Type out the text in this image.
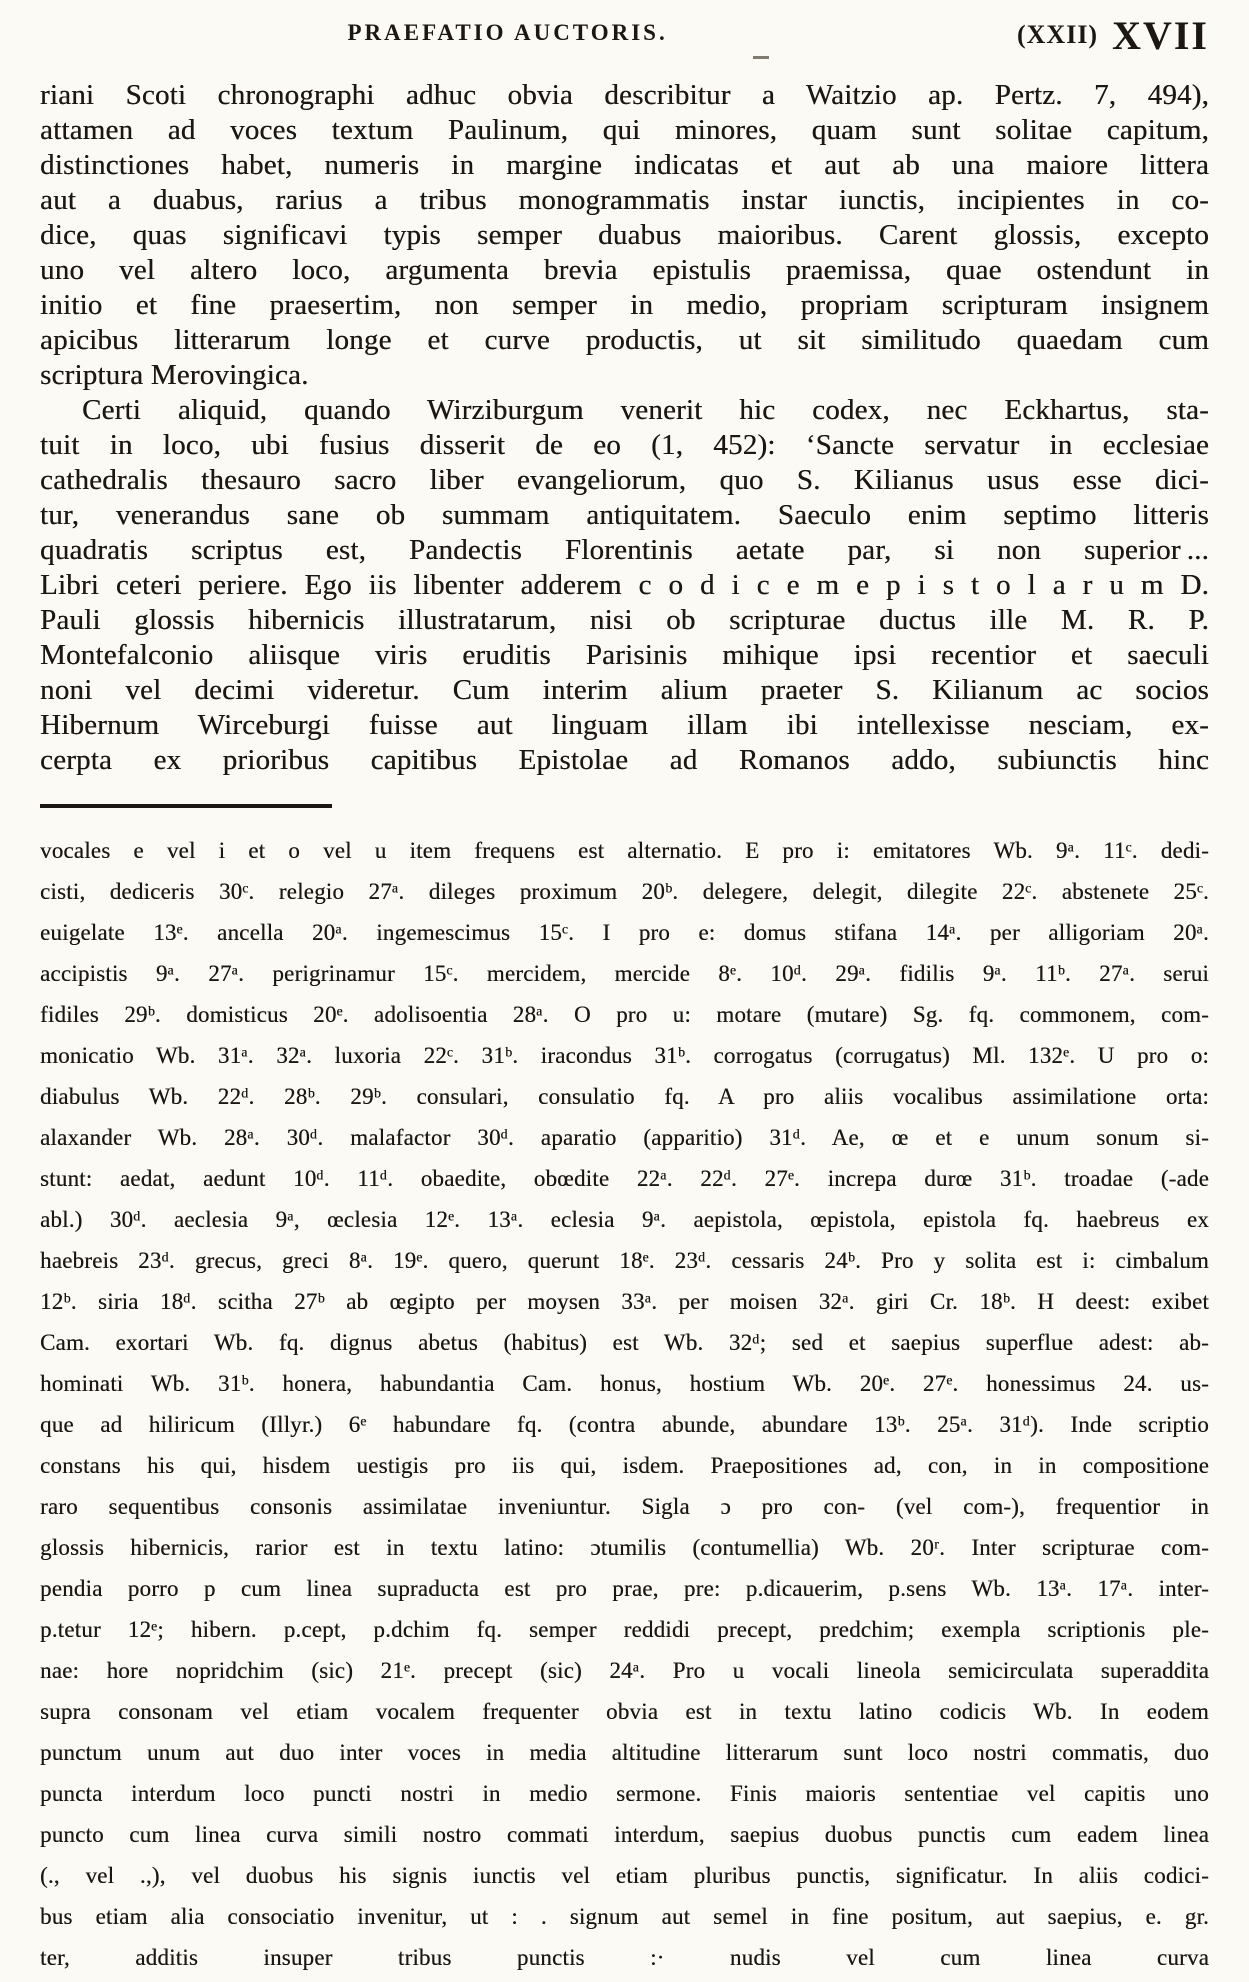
PRAEFATIO AUCTORIS.	(XXII) XVII
riani Scoti chronographi adhuc obvia describitur a Waitzio ap. Pertz. 7, 494),
attamen ad voces textum Paulinum, qui minores, quam sunt solitae capitum,
distinctiones habet, numeris in margine indicatas et aut ab una maiore littera
aut a duabus, rarius a tribus monogrammatis instar iunctis, incipientes in co-
dice, quas significavi typis semper duabus maioribus. Carent glossis, excepto
uno vel altero loco, argumenta brevia epistulis praemissa, quae ostendunt in
initio et fine praesertim, non semper in medio, propriam scripturam insignem
apicibus litterarum longe et curve productis, ut sit similitudo quaedam cum
scriptura Merovingica.
Certi aliquid, quando Wirziburgum venerit hic codex, nec Eckhartus, sta-
tuit in loco, ubi fusius disserit de eo (1, 452): ‘Sancte servatur in ecclesiae
cathedralis thesauro sacro liber evangeliorum, quo S. Kilianus usus esse dici-
tur, venerandus sane ob summam antiquitatem. Saeculo enim septimo litteris
quadratis scriptus est, Pandectis Florentinis aetate par, si non superior ...
Libri ceteri periere. Ego iis libenter adderem c o d i c e m e p i s t o l a r u m D.
Pauli glossis hibernicis illustratarum, nisi ob scripturae ductus ille M. R. P.
Montefalconio aliisque viris eruditis Parisinis mihique ipsi recentior et saeculi
noni vel decimi videretur. Cum interim alium praeter S. Kilianum ac socios
Hibernum Wirceburgi fuisse aut linguam illam ibi intellexisse nesciam, ex-
cerpta ex prioribus capitibus Epistolae ad Romanos addo, subiunctis hinc
vocales e vel i et o vel u item frequens est alternatio. E pro i: emitatores Wb. 9ᵃ. 11ᶜ. dedi-
cisti, dediceris 30ᶜ. relegio 27ᵃ. dileges proximum 20ᵇ. delegere, delegit, dilegite 22ᶜ. abstenete 25ᶜ.
euigelate 13ᵉ. ancella 20ᵃ. ingemescimus 15ᶜ. I pro e: domus stifana 14ᵃ. per alligoriam 20ᵃ.
accipistis 9ᵃ. 27ᵃ. perigrinamur 15ᶜ. mercidem, mercide 8ᵉ. 10ᵈ. 29ᵃ. fidilis 9ᵃ. 11ᵇ. 27ᵃ. serui
fidiles 29ᵇ. domisticus 20ᵉ. adolisoentia 28ᵃ. O pro u: motare (mutare) Sg. fq. commonem, com-
monicatio Wb. 31ᵃ. 32ᵃ. luxoria 22ᶜ. 31ᵇ. iracondus 31ᵇ. corrogatus (corrugatus) Ml. 132ᵉ. U pro o:
diabulus Wb. 22ᵈ. 28ᵇ. 29ᵇ. consulari, consulatio fq. A pro aliis vocalibus assimilatione orta:
alaxander Wb. 28ᵃ. 30ᵈ. malafactor 30ᵈ. aparatio (apparitio) 31ᵈ. Ae, œ et e unum sonum si-
stunt: aedat, aedunt 10ᵈ. 11ᵈ. obaedite, obœdite 22ᵃ. 22ᵈ. 27ᵉ. increpa durœ 31ᵇ. troadae (-ade
abl.) 30ᵈ. aeclesia 9ᵃ, œclesia 12ᵉ. 13ᵃ. eclesia 9ᵃ. aepistola, œpistola, epistola fq. haebreus ex
haebreis 23ᵈ. grecus, greci 8ᵃ. 19ᵉ. quero, querunt 18ᵉ. 23ᵈ. cessaris 24ᵇ. Pro y solita est i: cimbalum
12ᵇ. siria 18ᵈ. scitha 27ᵇ ab œgipto per moysen 33ᵃ. per moisen 32ᵃ. giri Cr. 18ᵇ. H deest: exibet
Cam. exortari Wb. fq. dignus abetus (habitus) est Wb. 32ᵈ; sed et saepius superflue adest: ab-
hominati Wb. 31ᵇ. honera, habundantia Cam. honus, hostium Wb. 20ᵉ. 27ᵉ. honessimus 24. us-
que ad hiliricum (Illyr.) 6ᵉ habundare fq. (contra abunde, abundare 13ᵇ. 25ᵃ. 31ᵈ). Inde scriptio
constans his qui, hisdem uestigis pro iis qui, isdem. Praepositiones ad, con, in in compositione
raro sequentibus consonis assimilatae inveniuntur. Sigla ɔ pro con- (vel com-), frequentior in
glossis hibernicis, rarior est in textu latino: ɔtumilis (contumellia) Wb. 20ʳ. Inter scripturae com-
pendia porro p cum linea supraducta est pro prae, pre: p.dicauerim, p.sens Wb. 13ᵃ. 17ᵃ. inter-
p.tetur 12ᵉ; hibern. p.cept, p.dchim fq. semper reddidi precept, predchim; exempla scriptionis ple-
nae: hore nopridchim (sic) 21ᵉ. precept (sic) 24ᵃ. Pro u vocali lineola semicirculata superaddita
supra consonam vel etiam vocalem frequenter obvia est in textu latino codicis Wb. In eodem
punctum unum aut duo inter voces in media altitudine litterarum sunt loco nostri commatis, duo
puncta interdum loco puncti nostri in medio sermone. Finis maioris sententiae vel capitis uno
puncto cum linea curva simili nostro commati interdum, saepius duobus punctis cum eadem linea
(., vel .,), vel duobus his signis iunctis vel etiam pluribus punctis, significatur. In aliis codici-
bus etiam alia consociatio invenitur, ut : . signum aut semel in fine positum, aut saepius, e. gr.
ter, additis insuper tribus punctis :· nudis vel cum linea curva
